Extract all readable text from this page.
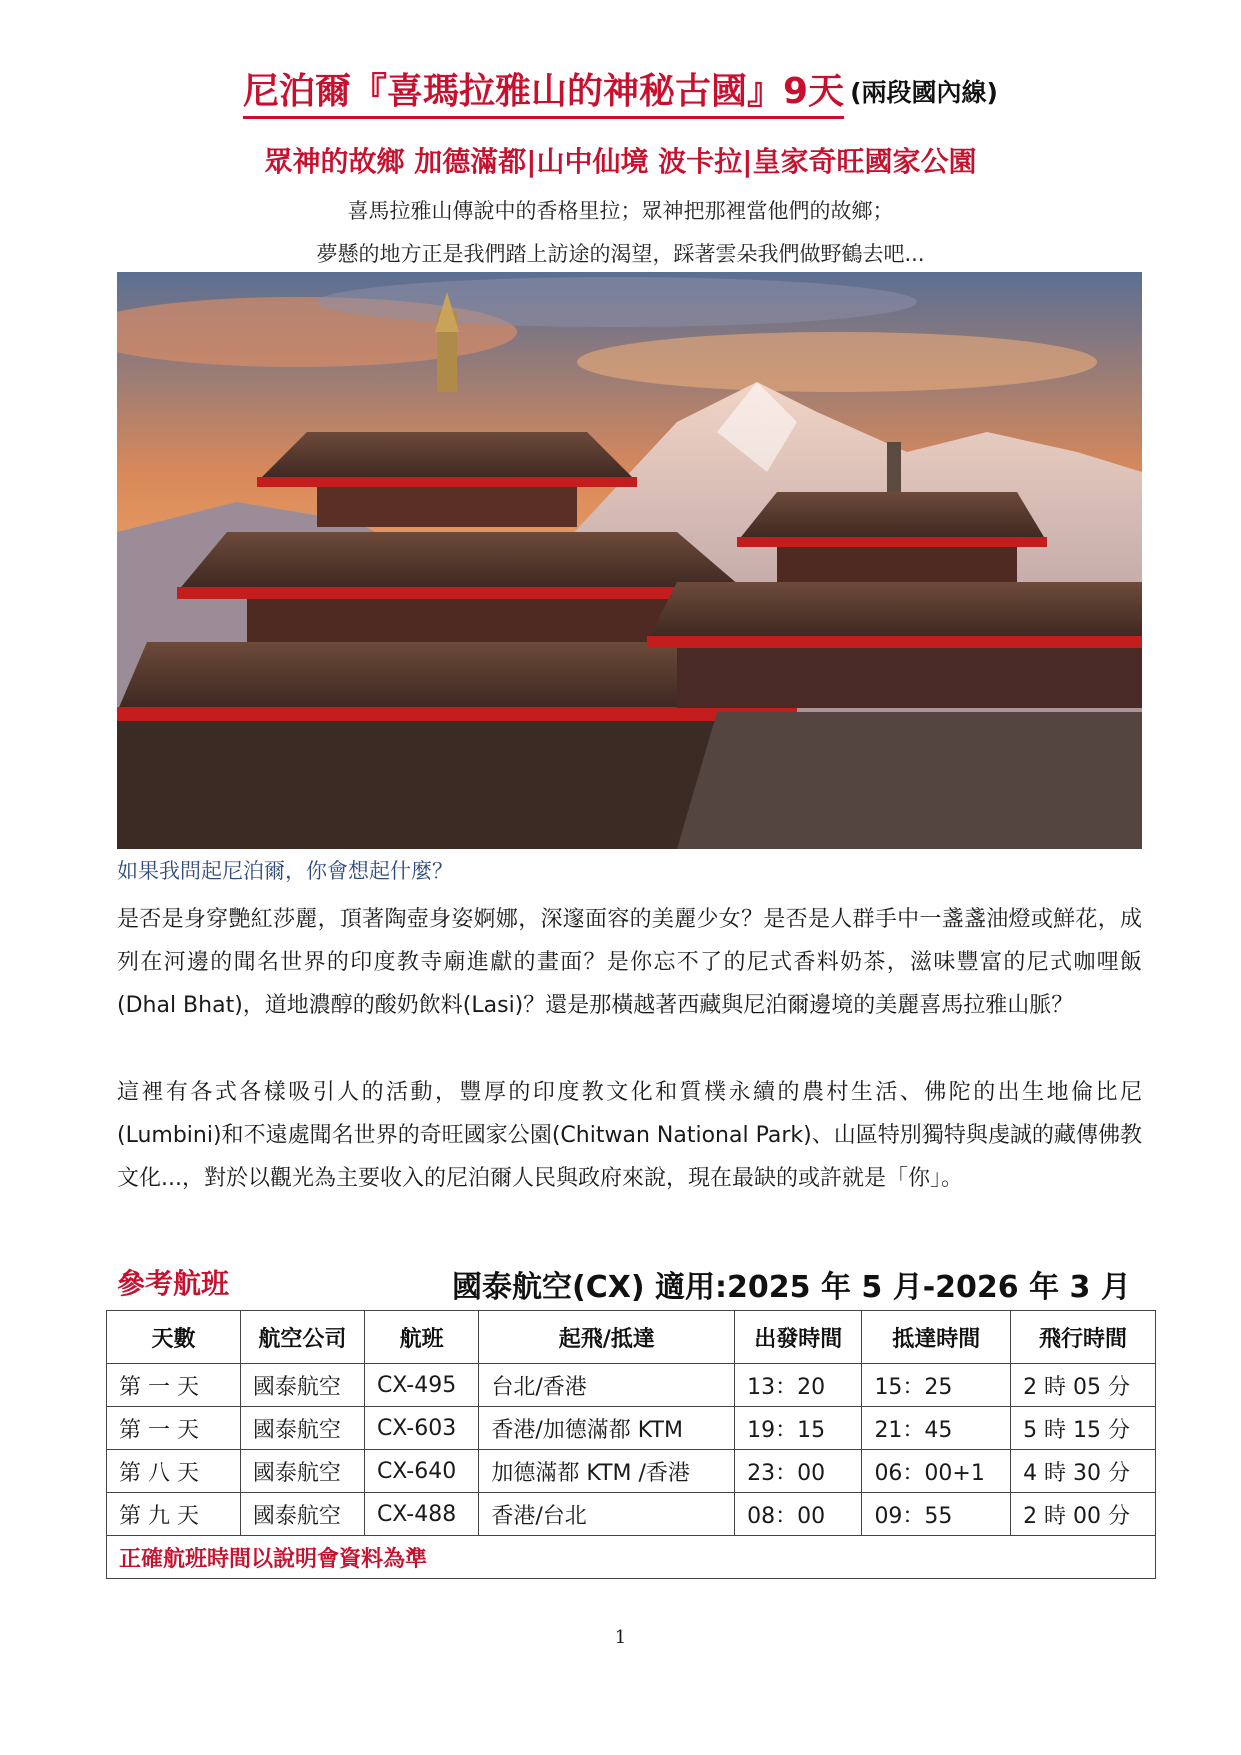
尼泊爾『喜瑪拉雅山的神秘古國』9天 (兩段國內線)
眾神的故鄉 加德滿都|山中仙境 波卡拉|皇家奇旺國家公園
喜馬拉雅山傳說中的香格里拉；眾神把那裡當他們的故鄉；
夢懸的地方正是我們踏上訪途的渴望，踩著雲朵我們做野鶴去吧...
如果我問起尼泊爾，你會想起什麼？

是否是身穿艷紅莎麗，頂著陶壺身姿婀娜，深邃面容的美麗少女？是否是人群手中一盞盞油燈或鮮花，成列在河邊的聞名世界的印度教寺廟進獻的畫面？是你忘不了的尼式香料奶茶，滋味豐富的尼式咖哩飯(Dhal Bhat)，道地濃醇的酸奶飲料(Lasi)？還是那橫越著西藏與尼泊爾邊境的美麗喜馬拉雅山脈？

這裡有各式各樣吸引人的活動，豐厚的印度教文化和質樸永續的農村生活、佛陀的出生地倫比尼(Lumbini)和不遠處聞名世界的奇旺國家公園(Chitwan National Park)、山區特別獨特與虔誠的藏傳佛教文化...，對於以觀光為主要收入的尼泊爾人民與政府來說，現在最缺的或許就是「你」。

參考航班	國泰航空(CX) 適用:2025 年 5 月-2026 年 3 月
天數	航空公司	航班	起飛/抵達	出發時間	抵達時間	飛行時間
第 一 天	國泰航空	CX-495	台北/香港	13：20	15：25	2 時 05 分
第 一 天	國泰航空	CX-603	香港/加德滿都 KTM	19：15	21：45	5 時 15 分
第 八 天	國泰航空	CX-640	加德滿都 KTM /香港	23：00	06：00+1	4 時 30 分
第 九 天	國泰航空	CX-488	香港/台北	08：00	09：55	2 時 00 分
正確航班時間以說明會資料為準						
1
